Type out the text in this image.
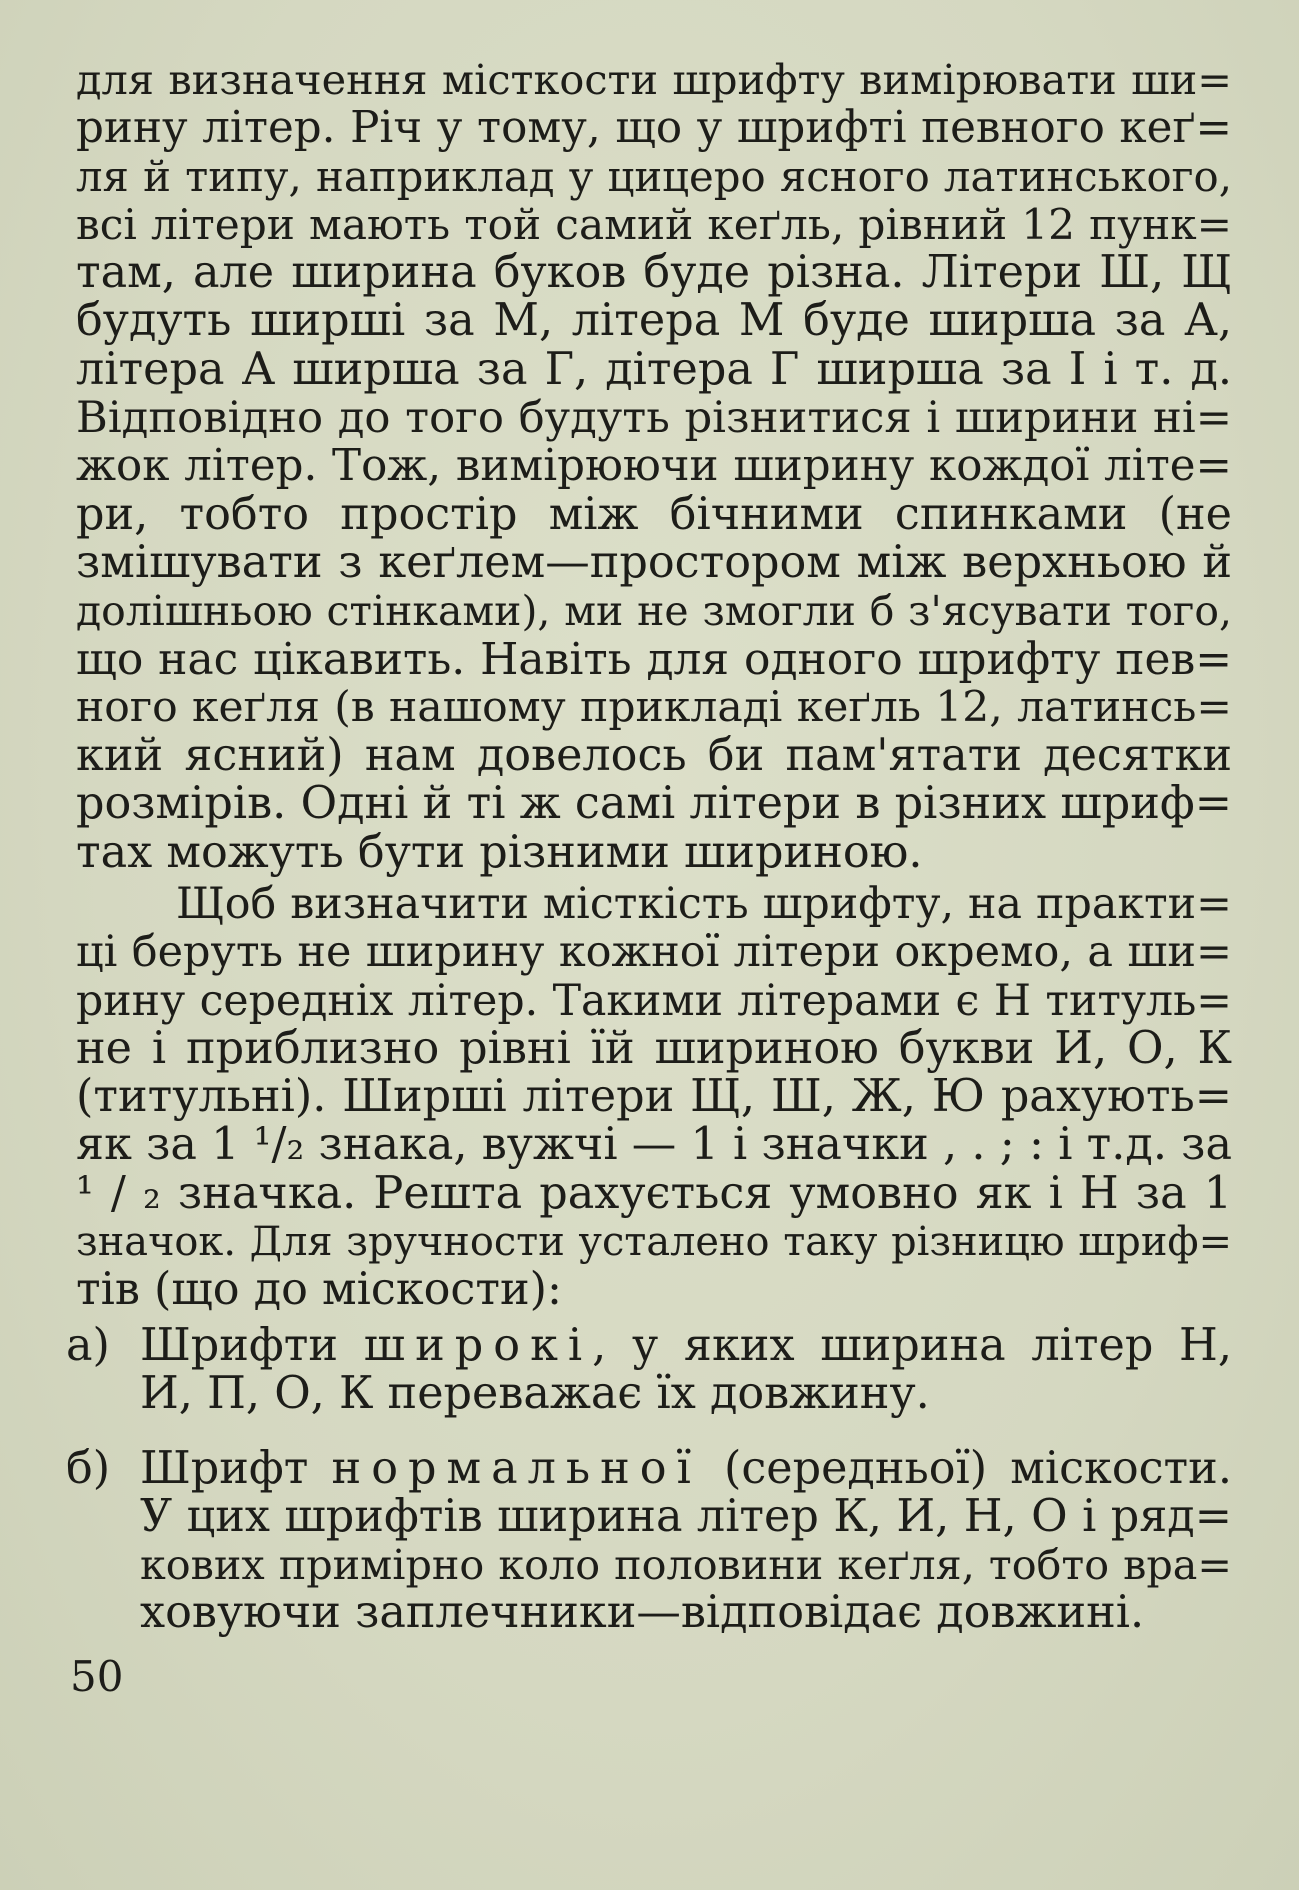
для визначення місткости шрифту вимірювати ши=
рину літер. Річ у тому, що у шрифті певного кеґ=
ля й типу, наприклад у цицеро ясного латинського,
всі літери мають той самий кеґль, рівний 12 пунк=
там, але ширина буков буде різна. Літери Ш, Щ
будуть ширші за М, літера М буде ширша за А,
літера А ширша за Г, дітера Г ширша за І і т. д.
Відповідно до того будуть різнитися і ширини ні=
жок літер. Тож, вимірюючи ширину кождої літе=
ри, тобто простір між бічними спинками (не
змішувати з кеґлем—простором між верхньою й
долішньою стінками), ми не змогли б з'ясувати того,
що нас цікавить. Навіть для одного шрифту пев=
ного кеґля (в нашому прикладі кеґль 12, латинсь=
кий ясний) нам довелось би пам'ятати десятки
розмірів. Одні й ті ж самі літери в різних шриф=
тах можуть бути різними шириною.
Щоб визначити місткість шрифту, на практи=
ці беруть не ширину кожної літери окремо, а ши=
рину середніх літер. Такими літерами є Н титуль=
не і приблизно рівні їй шириною букви И, О, К
(титульні). Ширші літери Щ, Ш, Ж, Ю рахують=
як за 1 ¹/₂ знака, вужчі — 1 і значки , . ; : і т.д. за
¹ / ₂ значка. Решта рахується умовно як і Н за 1
значок. Для зручности усталено таку різницю шриф=
тів (що до міскости):
а) Шрифти широкі, у яких ширина літер Н,
И, П, О, К переважає їх довжину.
б) Шрифт нормальної (середньої) міскости.
У цих шрифтів ширина літер К, И, Н, О і ряд=
кових примірно коло половини кеґля, тобто вра=
ховуючи заплечники—відповідає довжині.
50
